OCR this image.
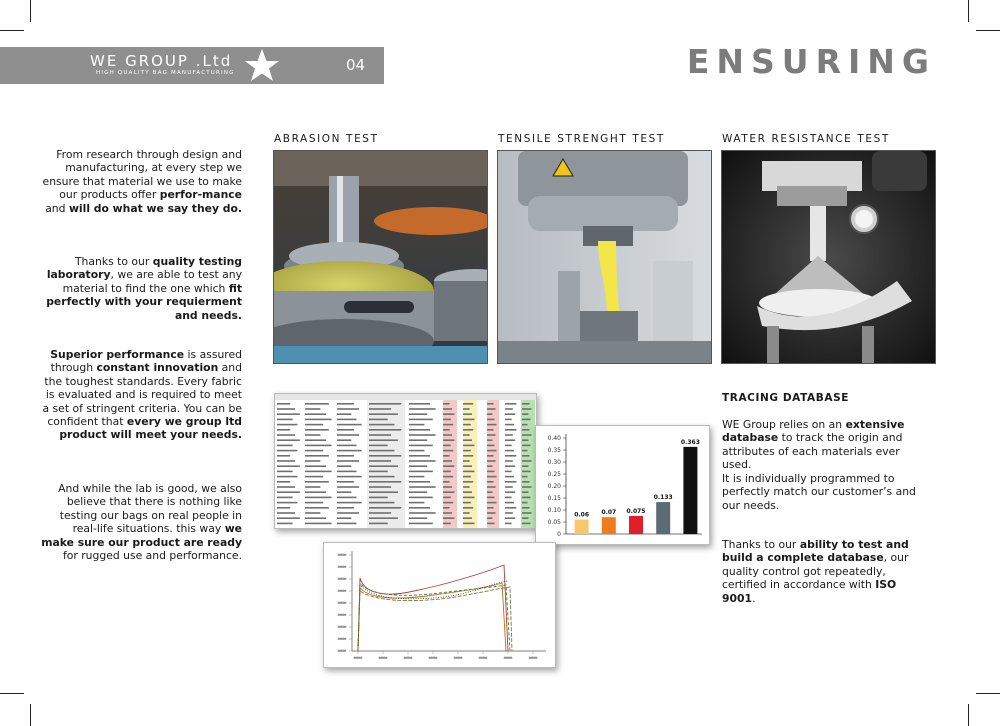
WE GROUP .Ltd
HIGH QUALITY BAG MANUFACTURING	04	ENSURING

From research through design and manufacturing, at every step we ensure that material we use to make our products offer perfor-mance and will do what we say they do.

Thanks to our quality testing laboratory, we are able to test any material to find the one which fit perfectly with your requierment and needs.

Superior performance is assured through constant innovation and the toughest standards. Every fabric is evaluated and is required to meet a set of stringent criteria. You can be confident that every we group ltd product will meet your needs.

And while the lab is good, we also believe that there is nothing like testing our bags on real people in real-life situations. this way we make sure our product are ready for rugged use and performance.

ABRASION TEST	TENSILE STRENGHT TEST	WATER RESISTANCE TEST
0
0.05
0.10
0.15
0.20
0.25
0.30
0.35
0.40
0.06 0.07 0.075
0.133
0.363
TRACING DATABASE
WE Group relies on an extensive database to track the origin and attributes of each materials ever used.
It is individually programmed to perfectly match our customer’s and our needs.
Thanks to our ability to test and build a complete database, our quality control got repeatedly, certified in accordance with ISO 9001.
